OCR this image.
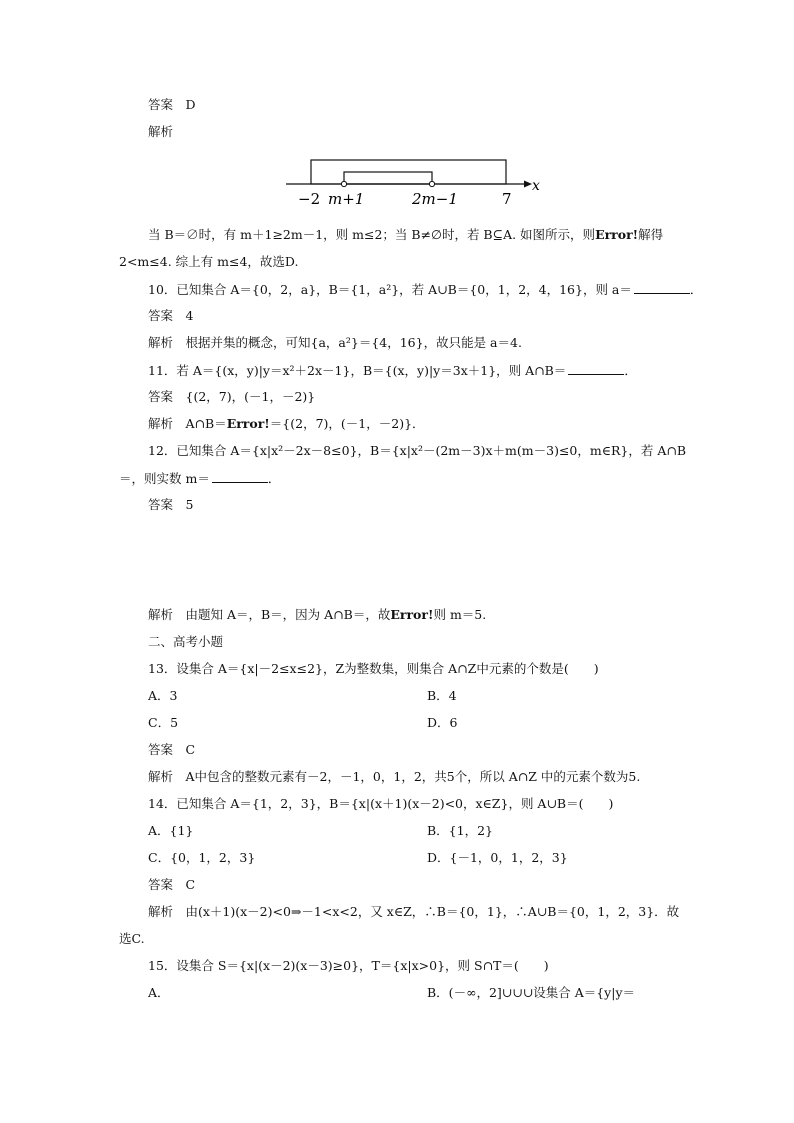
答案　D
解析
−2 m+1	2m−1	7
x
当 B＝∅时，有 m＋1≥2m－1，则 m≤2；当 B≠∅时，若 B⊆A. 如图所示，则Error!解得
2<m≤4. 综上有 m≤4，故选D.
10．已知集合 A＝{0，2，a}，B＝{1，a²}，若 A∪B＝{0，1，2，4，16}，则 a＝	．
答案　4
解析　根据并集的概念，可知{a，a²}＝{4，16}，故只能是 a＝4.
11．若 A＝{(x，y)|y＝x²＋2x－1}，B＝{(x，y)|y＝3x＋1}，则 A∩B＝	．
答案　{(2，7)，(－1，－2)}
解析　A∩B＝Error!＝{(2，7)，(－1，－2)}．
12．已知集合 A＝{x|x²－2x－8≤0}，B＝{x|x²－(2m－3)x＋m(m－3)≤0，m∈R}，若 A∩B
＝，则实数 m＝	．
答案　5
解析　由题知 A＝，B＝，因为 A∩B＝，故Error!则 m＝5.
二、高考小题
13．设集合 A＝{x|－2≤x≤2}，Z为整数集，则集合 A∩Z中元素的个数是(　　)
A．3	B．4
C．5	D．6
答案　C
解析　A中包含的整数元素有－2，－1，0，1，2，共5个，所以 A∩Z 中的元素个数为5.
14．已知集合 A＝{1，2，3}，B＝{x|(x＋1)(x－2)<0，x∈Z}，则 A∪B＝(　　)
A．{1}	B．{1，2}
C．{0，1，2，3}	D．{－1，0，1，2，3}
答案　C
解析　由(x＋1)(x－2)<0⇒－1<x<2，又 x∈Z，∴B＝{0，1}，∴A∪B＝{0，1，2，3}．故
选C.
15．设集合 S＝{x|(x－2)(x－3)≥0}，T＝{x|x>0}，则 S∩T＝(　　)
A．	B．(－∞，2]∪∪∪设集合 A＝{y|y＝
